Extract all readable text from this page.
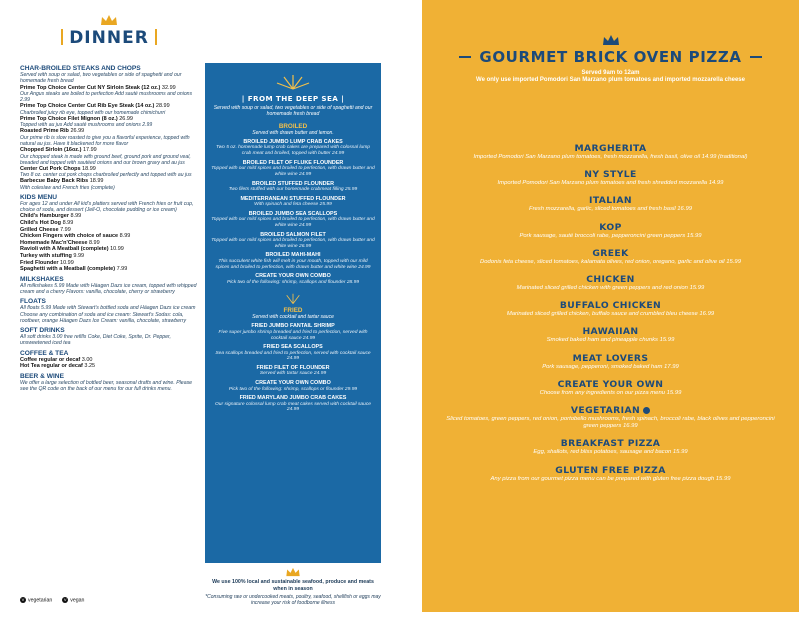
DINNER
CHAR-BROILED STEAKS AND CHOPS
Served with soup or salad, two vegetables or side of spaghetti and our homemade fresh bread
Prime Top Choice Center Cut NY Sirloin Steak (12 oz.) 32.99
Our Angus steaks are boiled to perfection Add sauté mushrooms and onions 2.99
Prime Top Choice Center Cut Rib Eye Steak (14 oz.) 28.99
Charbroiled juicy rib eye, topped with our homemade chimichurri
Prime Top Choice Filet Mignon (8 oz.) 26.99
Topped with au jus Add sauté mushrooms and onions 2.99
Roasted Prime Rib 26.99
Our prime rib is slow roasted to give you a flavorful experience, topped with natural au jus. Have it blackened for more flavor
Chopped Sirloin (16oz.) 17.99
Our chopped steak is made with ground beef, ground pork and ground veal, breaded and topped with sautéed onions and our brown gravy and au jus
Center Cut Pork Chops 18.99
Two 8 oz. center cut pork chops charbroiled perfectly and topped with au jus
Barbecue Baby Back Ribs 18.99
With coleslaw and French fries (complete)
KIDS MENU
For ages 12 and under All kid's platters served with French fries or fruit cup, choice of soda, and dessert (Jell-O, chocolate pudding or ice cream)
Child's Hamburger 8.99
Child's Hot Dog 8.99
Grilled Cheese 7.99
Chicken Fingers with choice of sauce 8.99
Homemade Mac'n'Cheese 8.99
Ravioli with A Meatball (complete) 10.99
Turkey with stuffing 9.99
Fried Flounder 10.99
Spaghetti with a Meatball (complete) 7.99
MILKSHAKES
All milkshakes 5.99 Made with Häagen Dazs ice cream, topped with whipped cream and a cherry Flavors: vanilla, chocolate, cherry or strawberry
FLOATS
All floats 5.99 Made with Stewart's bottled soda and Häagen Dazs ice cream Choose any combination of soda and ice cream: Stewart's Sodas: cola, rootbeer, orange Häagen Dazs Ice Cream: vanilla, chocolate, strawberry
SOFT DRINKS
All soft drinks 3.00 free refills Coke, Diet Coke, Sprite, Dr. Pepper, unsweetened iced tea
COFFEE & TEA
Coffee regular or decaf 3.00
Hot Tea regular or decaf 3.25
BEER & WINE
We offer a large selection of bottled beer, seasonal drafts and wine. Please see the QR code on the back of our menu for our full drinks menu.
V vegetarian	V vegan
| FROM THE DEEP SEA |
Served with soup or salad, two vegetables or side of spaghetti and our homemade fresh bread
BROILED
Served with drawn butter and lemon.
BROILED JUMBO LUMP CRAB CAKES
Two 5 oz. homemade lump crab cakes are prepared with colossal lump crab meat and broiled, topped with butter 24.99
BROILED FILET OF FLUKE FLOUNDER
Topped with our mild spices and broiled to perfection, with drawn butter and white wine 24.99
BROILED STUFFED FLOUNDER
Two filets stuffed with our homemade crabmeat filling 25.99
MEDITERRANEAN STUFFED FLOUNDER
With spinach and feta cheese 25.99
BROILED JUMBO SEA SCALLOPS
Topped with our mild spices and broiled to perfection, with drawn butter and white wine 24.99
BROILED SALMON FILET
Topped with our mild spices and broiled to perfection, with drawn butter and white wine 26.99
BROILED MAHI-MAHI
This succulent white fish will melt in your mouth, topped with our mild spices and broiled to perfection, with drawn butter and white wine 24.99
CREATE YOUR OWN COMBO
Pick two of the following: shrimp, scallops and flounder 28.99
FRIED
Served with cocktail and tartar sauce
FRIED JUMBO FANTAIL SHRIMP
Five super jumbo shrimp breaded and fried to perfection, served with cocktail sauce 24.99
FRIED SEA SCALLOPS
Sea scallops breaded and fried to perfection, served with cocktail sauce 24.99
FRIED FILET OF FLOUNDER
Served with tartar sauce 24.99
CREATE YOUR OWN COMBO
Pick two of the following: shrimp, scallops or flounder 29.99
FRIED MARYLAND JUMBO CRAB CAKES
Our signature colossal lump crab meat cakes served with cocktail sauce 24.99
We use 100% local and sustainable seafood, produce and meats when in season
*Consuming raw or undercooked meats, poultry, seafood, shellfish or eggs may increase your risk of foodborne illness
GOURMET BRICK OVEN PIZZA
Served 9am to 12am
We only use imported Pomodori San Marzano plum tomatoes and imported mozzarella cheese
MARGHERITA
Imported Pomodori San Marzano plum tomatoes, fresh mozzarella, fresh basil, olive oil 14.99 (traditional)
NY STYLE
Imported Pomodori San Marzano plum tomatoes and fresh shredded mozzarella 14.99
ITALIAN
Fresh mozzarella, garlic, sliced tomatoes and fresh basil 16.99
KOP
Pork sausage, sauté broccoli rabe, pepperoncini green peppers 15.99
GREEK
Dodonis feta cheese, sliced tomatoes, kalamata olives, red onion, oregano, garlic and olive oil 15.99
CHICKEN
Marinated sliced grilled chicken with green peppers and red onion 15.99
BUFFALO CHICKEN
Marinated sliced grilled chicken, buffalo sauce and crumbled bleu cheese 16.99
HAWAIIAN
Smoked baked ham and pineapple chunks 15.99
MEAT LOVERS
Pork sausage, pepperoni, smoked baked ham 17.99
CREATE YOUR OWN
Choose from any ingredients on our pizza menu 15.99
VEGETARIAN
Sliced tomatoes, green peppers, red onion, portobello mushrooms, fresh spinach, broccoli rabe, black olives and pepperoncini green peppers 16.99
BREAKFAST PIZZA
Egg, shallots, red bliss potatoes, sausage and bacon 15.99
GLUTEN FREE PIZZA
Any pizza from our gourmet pizza menu can be prepared with gluten free pizza dough 15.99
